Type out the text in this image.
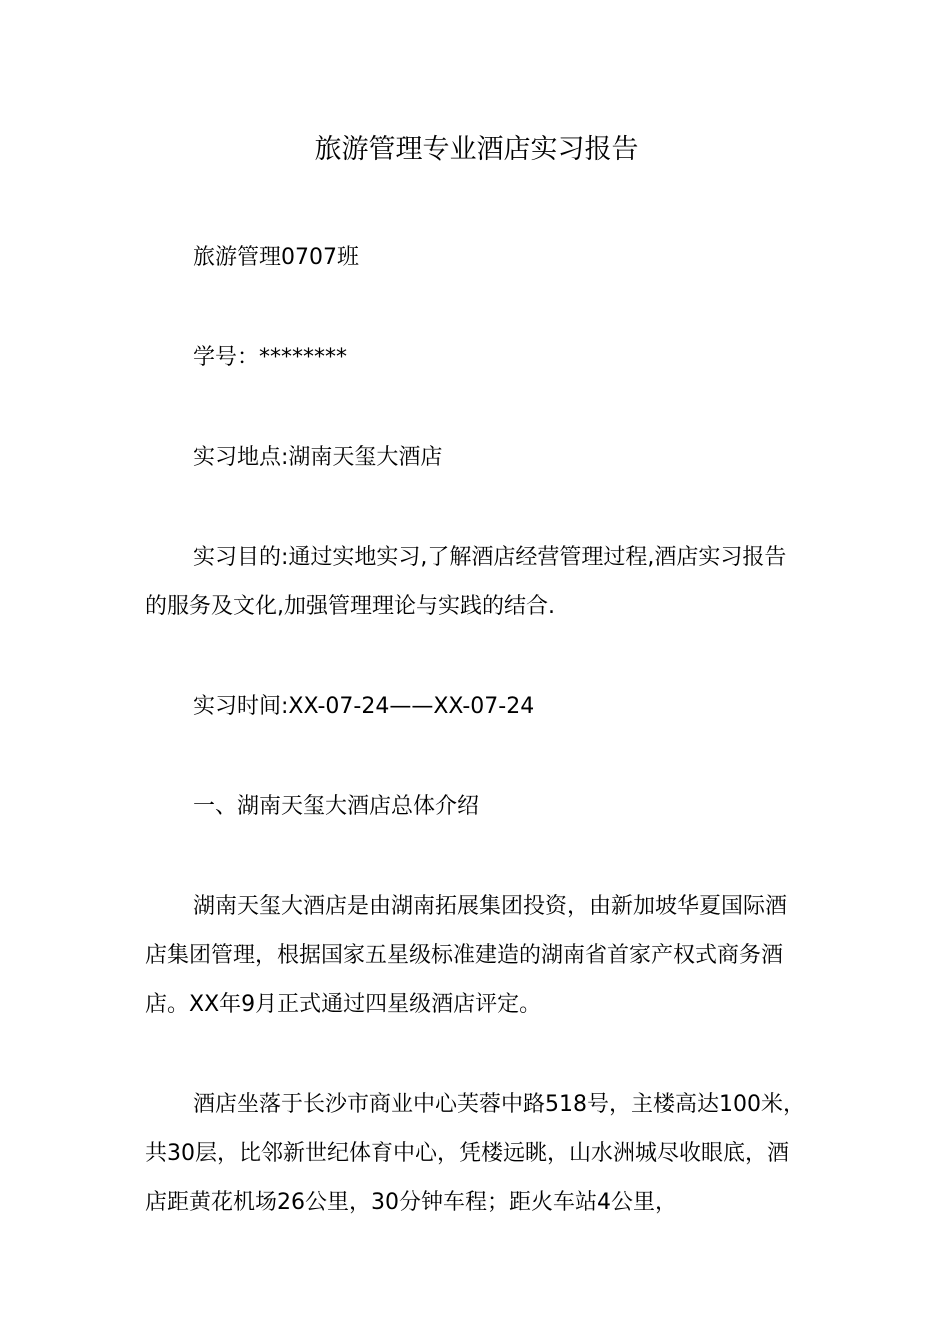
旅游管理专业酒店实习报告

旅游管理0707班

学号：********

实习地点:湖南天玺大酒店

实习目的:通过实地实习,了解酒店经营管理过程,酒店实习报告的服务及文化,加强管理理论与实践的结合.

实习时间:XX-07-24——XX-07-24

一、湖南天玺大酒店总体介绍

湖南天玺大酒店是由湖南拓展集团投资，由新加坡华夏国际酒店集团管理，根据国家五星级标准建造的湖南省首家产权式商务酒店。XX年9月正式通过四星级酒店评定。

酒店坐落于长沙市商业中心芙蓉中路518号，主楼高达100米，共30层，比邻新世纪体育中心，凭楼远眺，山水洲城尽收眼底，酒店距黄花机场26公里，30分钟车程；距火车站4公里，
